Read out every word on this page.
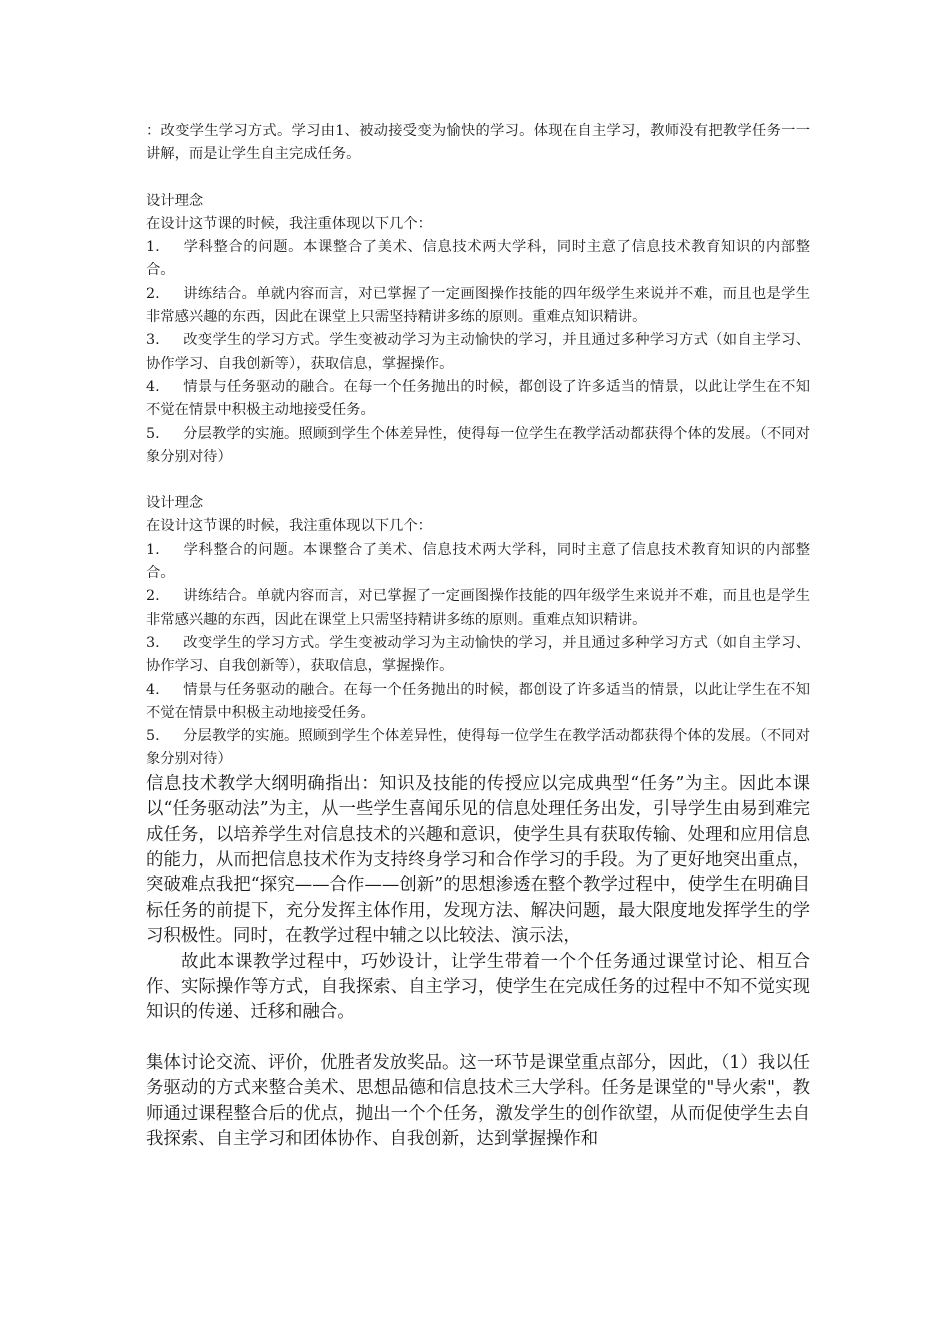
：改变学生学习方式。学习由1、被动接受变为愉快的学习。体现在自主学习，教师没有把教学任务一一讲解，而是让学生自主完成任务。

设计理念

在设计这节课的时候，我注重体现以下几个：

1. 学科整合的问题。本课整合了美术、信息技术两大学科，同时主意了信息技术教育知识的内部整合。

2. 讲练结合。单就内容而言，对已掌握了一定画图操作技能的四年级学生来说并不难，而且也是学生非常感兴趣的东西，因此在课堂上只需坚持精讲多练的原则。重难点知识精讲。

3. 改变学生的学习方式。学生变被动学习为主动愉快的学习，并且通过多种学习方式（如自主学习、协作学习、自我创新等），获取信息，掌握操作。

4. 情景与任务驱动的融合。在每一个任务抛出的时候，都创设了许多适当的情景，以此让学生在不知不觉在情景中积极主动地接受任务。

5. 分层教学的实施。照顾到学生个体差异性，使得每一位学生在教学活动都获得个体的发展。（不同对象分别对待）

设计理念

在设计这节课的时候，我注重体现以下几个：

1. 学科整合的问题。本课整合了美术、信息技术两大学科，同时主意了信息技术教育知识的内部整合。

2. 讲练结合。单就内容而言，对已掌握了一定画图操作技能的四年级学生来说并不难，而且也是学生非常感兴趣的东西，因此在课堂上只需坚持精讲多练的原则。重难点知识精讲。

3. 改变学生的学习方式。学生变被动学习为主动愉快的学习，并且通过多种学习方式（如自主学习、协作学习、自我创新等），获取信息，掌握操作。

4. 情景与任务驱动的融合。在每一个任务抛出的时候，都创设了许多适当的情景，以此让学生在不知不觉在情景中积极主动地接受任务。

5. 分层教学的实施。照顾到学生个体差异性，使得每一位学生在教学活动都获得个体的发展。（不同对象分别对待）

信息技术教学大纲明确指出：知识及技能的传授应以完成典型“任务”为主。因此本课以“任务驱动法”为主，从一些学生喜闻乐见的信息处理任务出发，引导学生由易到难完成任务，以培养学生对信息技术的兴趣和意识，使学生具有获取传输、处理和应用信息的能力，从而把信息技术作为支持终身学习和合作学习的手段。为了更好地突出重点，突破难点我把“探究——合作——创新”的思想渗透在整个教学过程中，使学生在明确目标任务的前提下，充分发挥主体作用，发现方法、解决问题，最大限度地发挥学生的学习积极性。同时，在教学过程中辅之以比较法、演示法，

故此本课教学过程中，巧妙设计，让学生带着一个个任务通过课堂讨论、相互合作、实际操作等方式，自我探索、自主学习，使学生在完成任务的过程中不知不觉实现知识的传递、迁移和融合。

集体讨论交流、评价，优胜者发放奖品。这一环节是课堂重点部分，因此，（1）我以任务驱动的方式来整合美术、思想品德和信息技术三大学科。任务是课堂的"导火索"，教师通过课程整合后的优点，抛出一个个任务，激发学生的创作欲望，从而促使学生去自我探索、自主学习和团体协作、自我创新，达到掌握操作和
